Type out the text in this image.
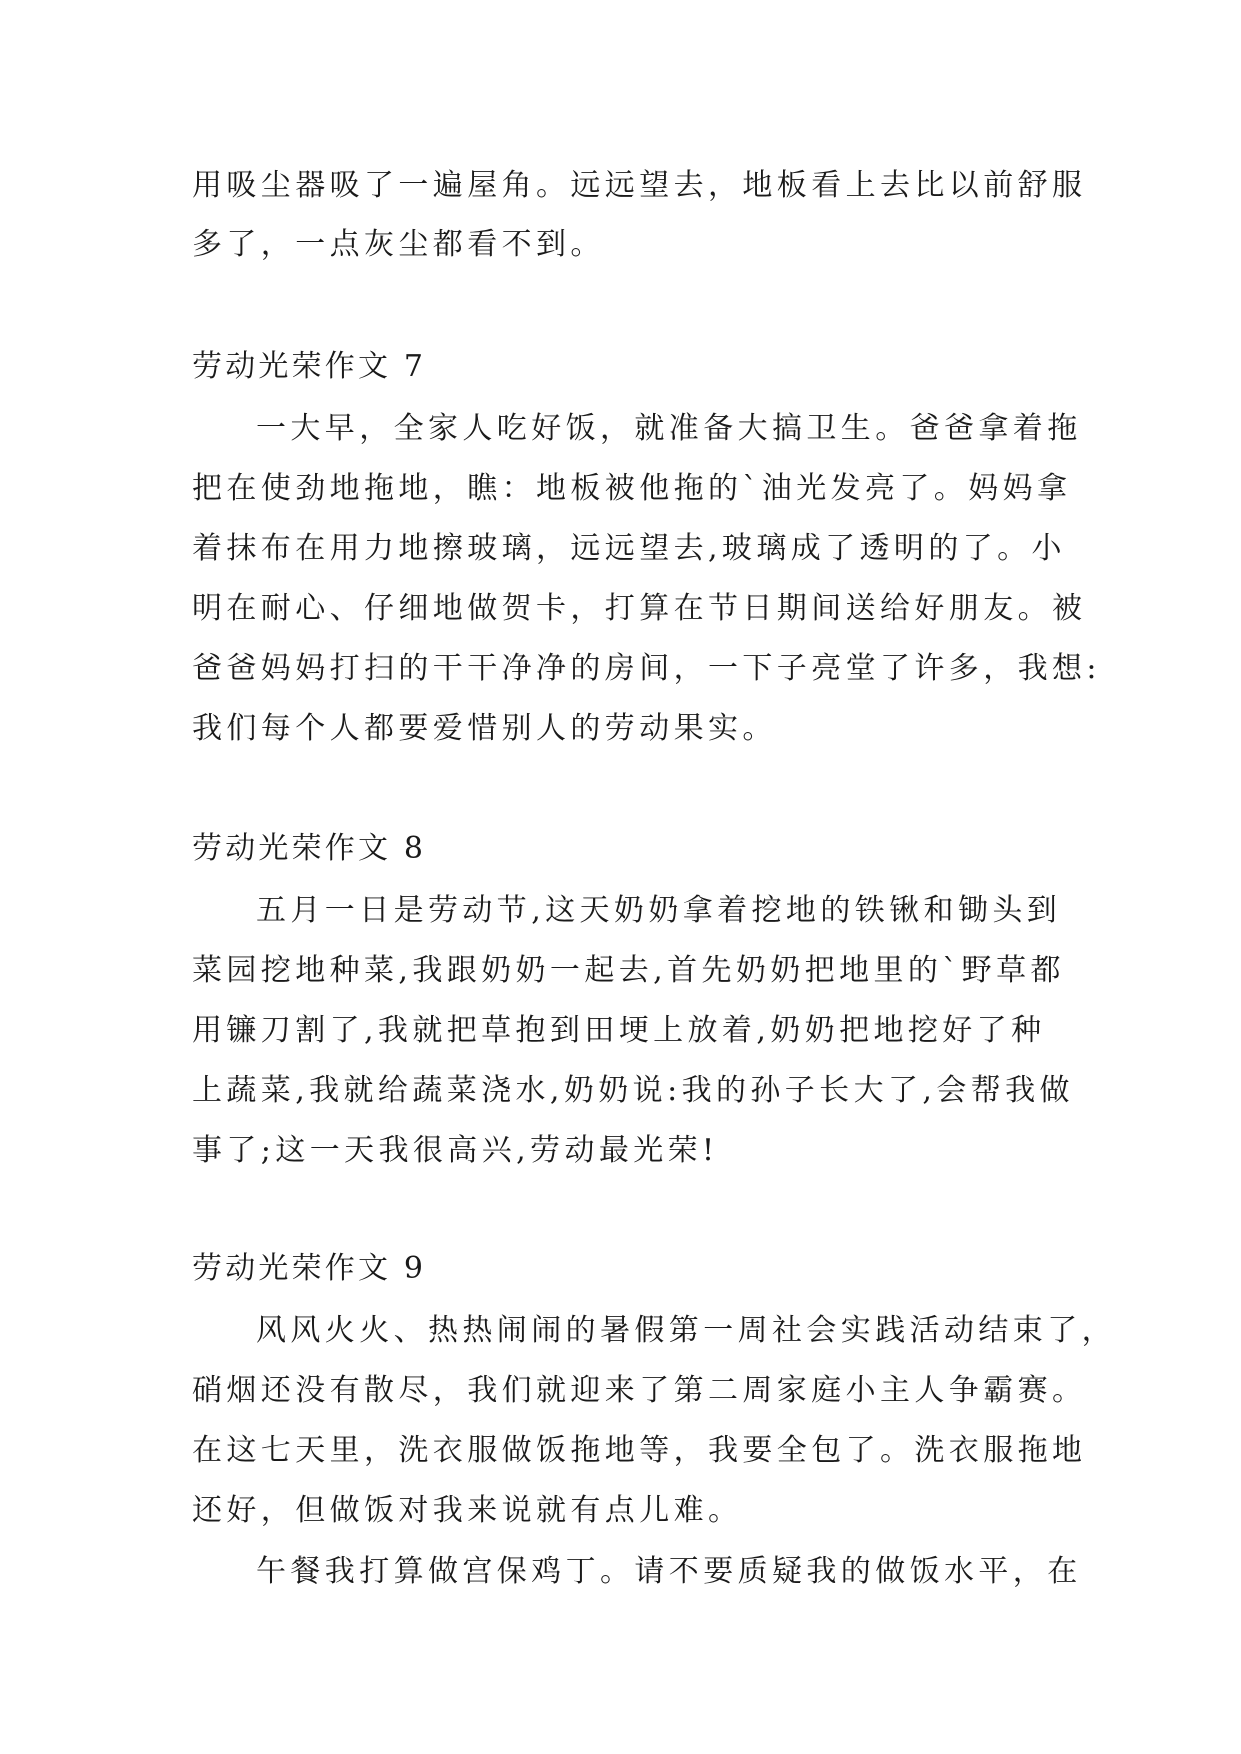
用吸尘器吸了一遍屋角。远远望去，地板看上去比以前舒服

多了，一点灰尘都看不到。

劳动光荣作文 7

一大早，全家人吃好饭，就准备大搞卫生。爸爸拿着拖

把在使劲地拖地，瞧：地板被他拖的`油光发亮了。妈妈拿

着抹布在用力地擦玻璃，远远望去,玻璃成了透明的了。小

明在耐心、仔细地做贺卡，打算在节日期间送给好朋友。被

爸爸妈妈打扫的干干净净的房间，一下子亮堂了许多，我想:

我们每个人都要爱惜别人的劳动果实。

劳动光荣作文 8

五月一日是劳动节,这天奶奶拿着挖地的铁锹和锄头到

菜园挖地种菜,我跟奶奶一起去,首先奶奶把地里的`野草都

用镰刀割了,我就把草抱到田埂上放着,奶奶把地挖好了种

上蔬菜,我就给蔬菜浇水,奶奶说:我的孙子长大了,会帮我做

事了;这一天我很高兴,劳动最光荣!

劳动光荣作文 9

风风火火、热热闹闹的暑假第一周社会实践活动结束了，

硝烟还没有散尽，我们就迎来了第二周家庭小主人争霸赛。

在这七天里，洗衣服做饭拖地等，我要全包了。洗衣服拖地

还好，但做饭对我来说就有点儿难。

午餐我打算做宫保鸡丁。请不要质疑我的做饭水平，在
